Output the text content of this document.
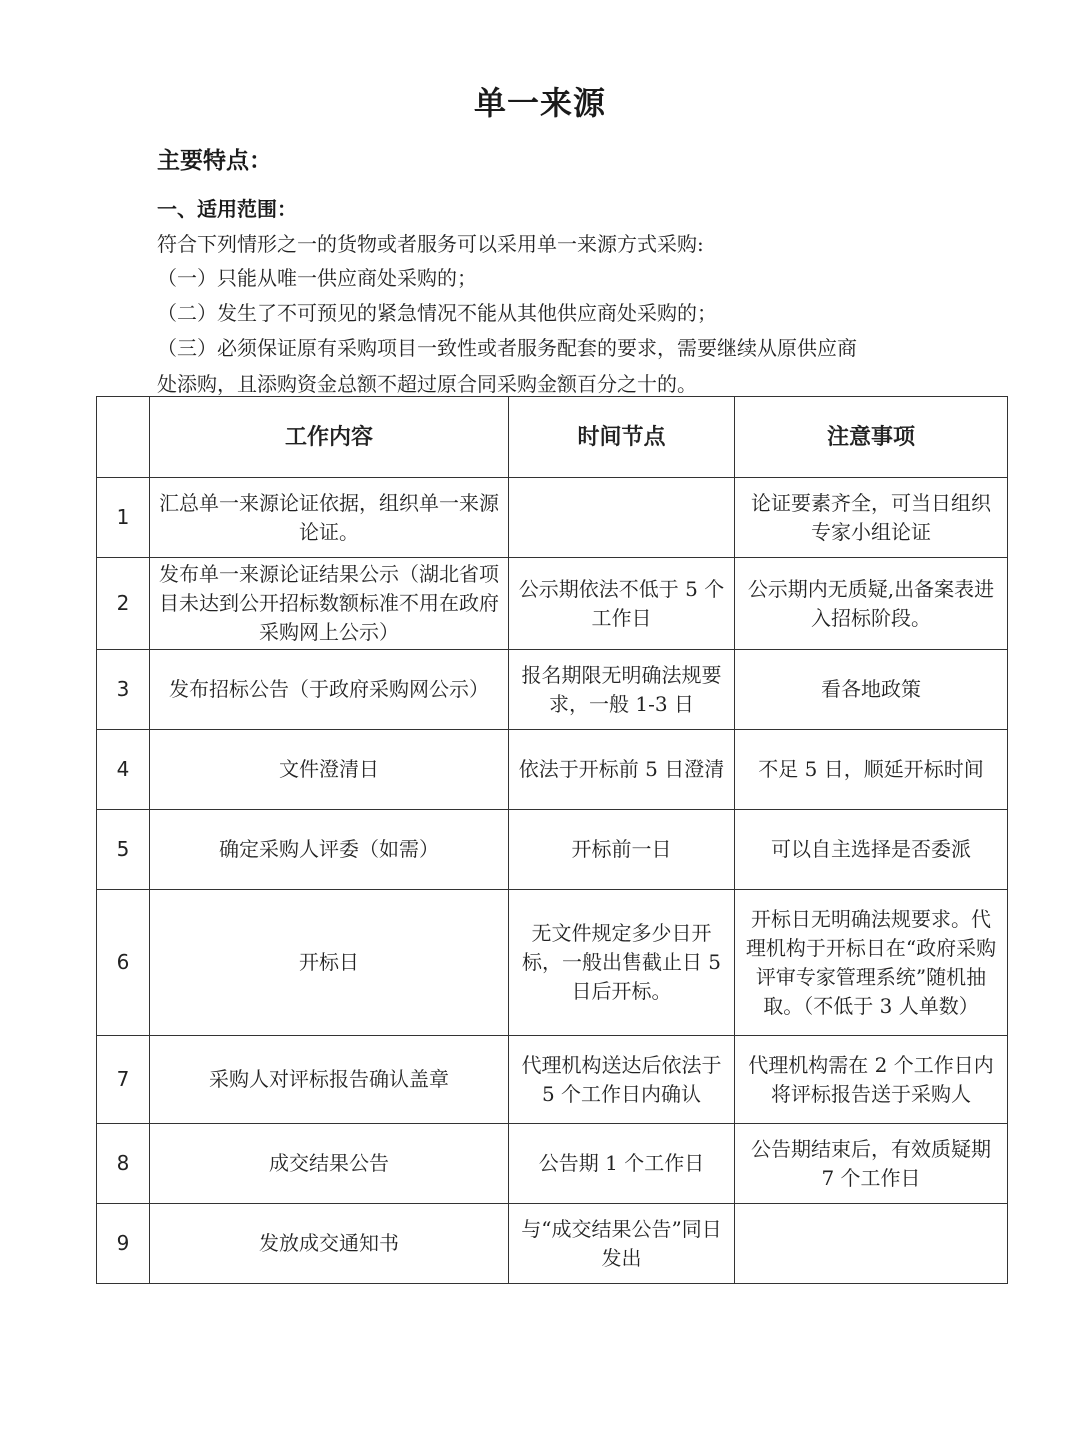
单一来源
主要特点：
一、适用范围：
符合下列情形之一的货物或者服务可以采用单一来源方式采购:
（一）只能从唯一供应商处采购的；
（二）发生了不可预见的紧急情况不能从其他供应商处采购的；
（三）必须保证原有采购项目一致性或者服务配套的要求，需要继续从原供应商
处添购，且添购资金总额不超过原合同采购金额百分之十的。
	工作内容	时间节点	注意事项
1	汇总单一来源论证依据，组织单一来源论证。		论证要素齐全，可当日组织专家小组论证
2	发布单一来源论证结果公示（湖北省项目未达到公开招标数额标准不用在政府采购网上公示）	公示期依法不低于 5 个工作日	公示期内无质疑,出备案表进入招标阶段。
3	发布招标公告（于政府采购网公示）	报名期限无明确法规要求，一般 1-3 日	看各地政策
4	文件澄清日	依法于开标前 5 日澄清	不足 5 日，顺延开标时间
5	确定采购人评委（如需）	开标前一日	可以自主选择是否委派
6	开标日	无文件规定多少日开标，一般出售截止日 5 日后开标。	开标日无明确法规要求。代理机构于开标日在“政府采购评审专家管理系统”随机抽取。（不低于 3 人单数）
7	采购人对评标报告确认盖章	代理机构送达后依法于 5 个工作日内确认	代理机构需在 2 个工作日内将评标报告送于采购人
8	成交结果公告	公告期 1 个工作日	公告期结束后，有效质疑期 7 个工作日
9	发放成交通知书	与“成交结果公告”同日发出	
